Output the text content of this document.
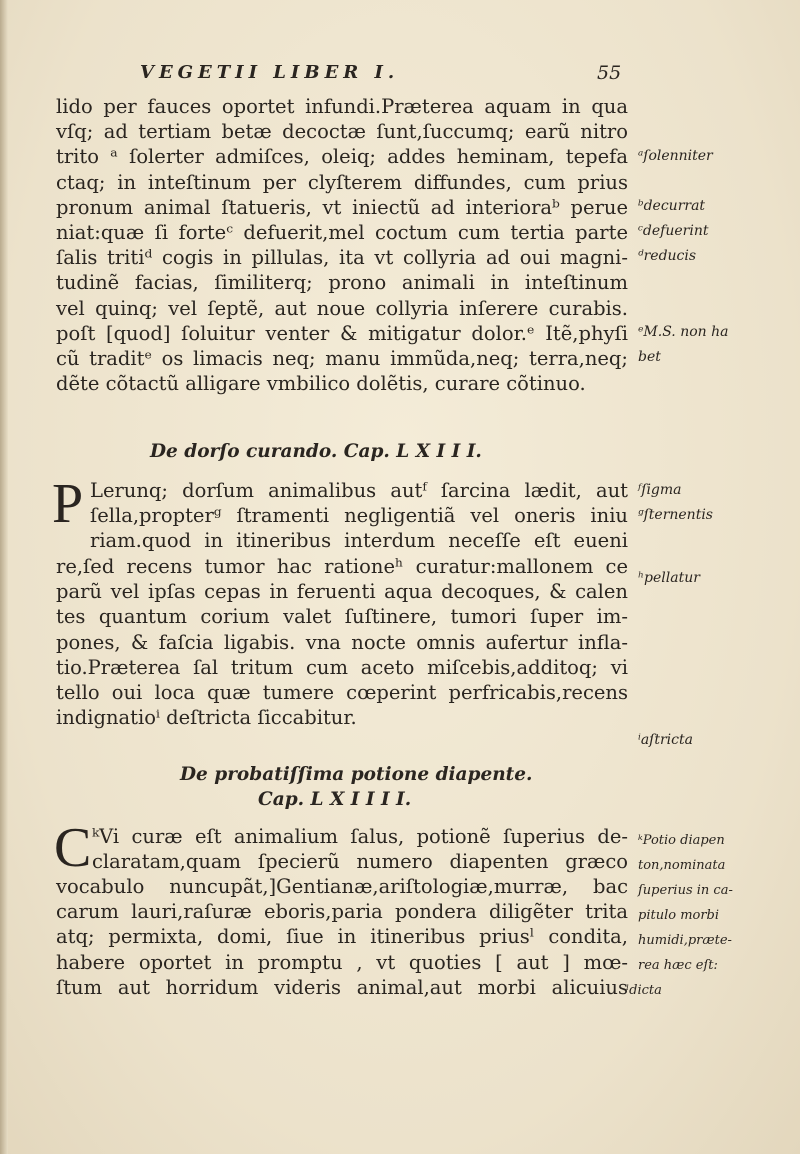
VEGETII LIBER I.	55
lido per fauces oportet infundi.Prӕterea aquam in qua
vſq; ad tertiam betӕ decoctӕ ſunt,ſuccumq; earũ nitro
trito ᵃ ſolerter admiſces, oleiq; addes heminam, tepefa
ctaq; in inteſtinum per clyſterem diffundes, cum prius
pronum animal ſtatueris, vt iniectũ ad interioraᵇ perue
niat:quӕ ſi forteᶜ defuerit,mel coctum cum tertia parte
ſalis tritiᵈ cogis in pillulas, ita vt collyria ad oui magni-
tudinẽ facias, ſimiliterq; prono animali in inteſtinum
vel quinq; vel ſeptẽ, aut noue collyria inſerere curabis.
poſt [quod] ſoluitur venter & mitigatur dolor.ᵉ Itẽ,phyſi
cũ traditᵉ os limacis neq; manu immũda,neq; terra,neq;
dẽte cõtactũ alligare vmbilico dolẽtis, curare cõtinuo.
De dorſo curando. Cap. L X I I I.
P Lerunq; dorſum animalibus autᶠ ſarcina lӕdit, aut
ſella,propterᵍ ſtramenti negligentiã vel oneris iniu
riam.quod in itineribus interdum neceſſe eſt eueni
re,ſed recens tumor hac rationeʰ curatur:mallonem ce
parũ vel ipſas cepas in feruenti aqua decoques, & calen
tes quantum corium valet ſuſtinere, tumori ſuper im-
pones, & faſcia ligabis. vna nocte omnis aufertur infla-
tio.Prӕterea ſal tritum cum aceto miſcebis,additoq; vi
tello oui loca quӕ tumere cœperint perfricabis,recens
indignatioⁱ deſtricta ſiccabitur.
De probatiſſima potione diapente.
Cap. L X I I I I.
C ᵏVi curӕ eſt animalium ſalus, potionẽ ſuperius de-
claratam,quam ſpecierũ numero diapenten grӕco
vocabulo nuncupãt,]Gentianӕ,ariſtologiӕ,murrӕ, bac
carum lauri,raſurӕ eboris,paria pondera diligẽter trita
atq; permixta, domi, ſiue in itineribus priusˡ condita,
habere oportet in promptu , vt quoties [ aut ] mœ-
ſtum aut horridum videris animal,aut morbi alicuius
ᵃſolenniter
ᵇdecurrat
ᶜdefuerint
ᵈreducis
ᵉM.S. non ha
bet
ᶠſigma
ᵍſternentis
ʰpellatur
ⁱaſtricta
ᵏPotio diapen
ton,nominata
ſuperius in ca-
pitulo morbi
humidi,prӕte-
rea hӕc eſt:
ˡdicta
